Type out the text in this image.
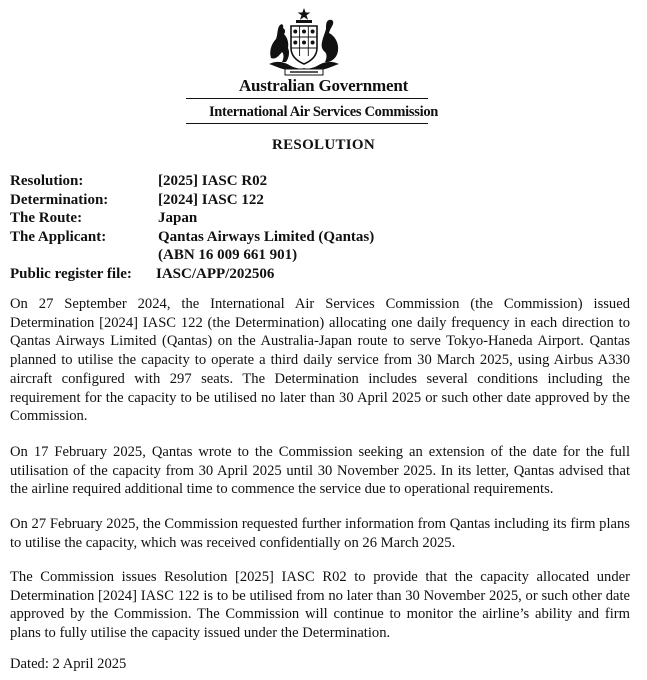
Australian Government
International Air Services Commission
RESOLUTION
Resolution:	[2025] IASC R02
Determination:	[2024] IASC 122
The Route:	Japan
The Applicant:	Qantas Airways Limited (Qantas)
(ABN 16 009 661 901)
Public register file: IASC/APP/202506

On 27 September 2024, the International Air Services Commission (the Commission) issued Determination [2024] IASC 122 (the Determination) allocating one daily frequency in each direction to Qantas Airways Limited (Qantas) on the Australia-Japan route to serve Tokyo-Haneda Airport. Qantas planned to utilise the capacity to operate a third daily service from 30 March 2025, using Airbus A330 aircraft configured with 297 seats. The Determination includes several conditions including the requirement for the capacity to be utilised no later than 30 April 2025 or such other date approved by the Commission.

On 17 February 2025, Qantas wrote to the Commission seeking an extension of the date for the full utilisation of the capacity from 30 April 2025 until 30 November 2025. In its letter, Qantas advised that the airline required additional time to commence the service due to operational requirements.

On 27 February 2025, the Commission requested further information from Qantas including its firm plans to utilise the capacity, which was received confidentially on 26 March 2025.

The Commission issues Resolution [2025] IASC R02 to provide that the capacity allocated under Determination [2024] IASC 122 is to be utilised from no later than 30 November 2025, or such other date approved by the Commission. The Commission will continue to monitor the airline’s ability and firm plans to fully utilise the capacity issued under the Determination.

Dated: 2 April 2025
